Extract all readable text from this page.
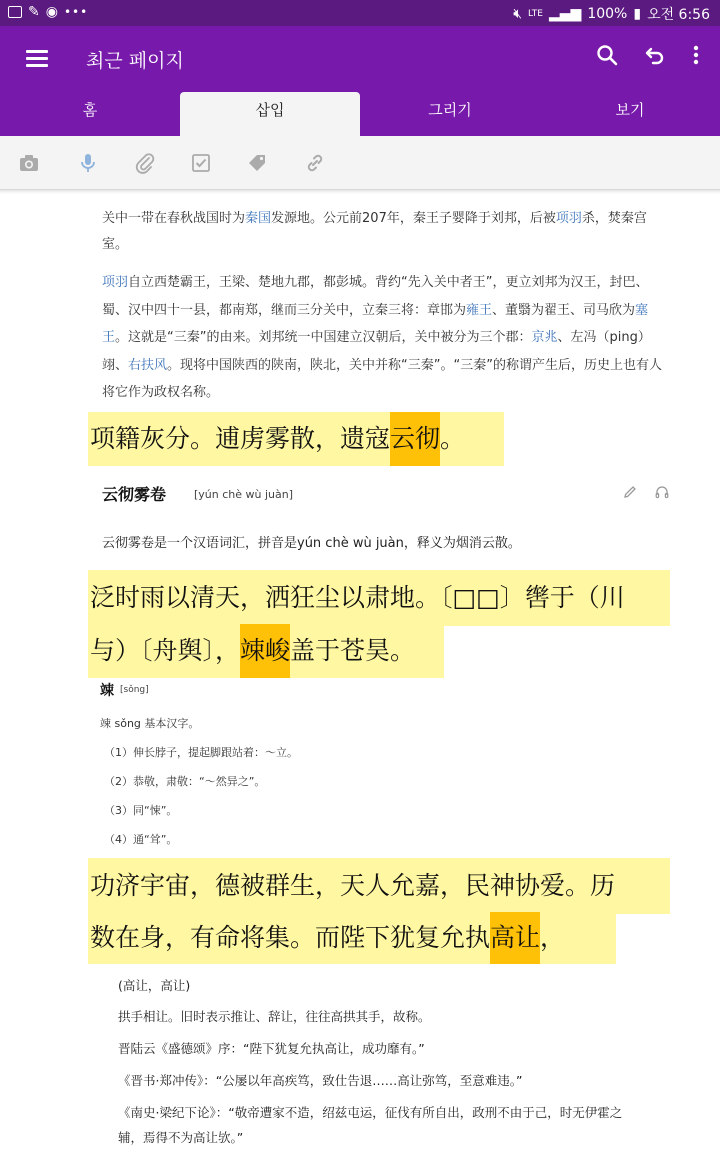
✎ ◉ •••	🔇︎ LTE ▂▄▆ 100% ▮ 오전 6:56
최근 페이지
홈	삽입	그리기	보기
关中一带在春秋战国时为秦国发源地。公元前207年，秦王子婴降于刘邦，后被项羽杀，焚秦宫室。
项羽自立西楚霸王，王梁、楚地九郡，都彭城。背约“先入关中者王”，更立刘邦为汉王，封巴、蜀、汉中四十一县，都南郑，继而三分关中，立秦三将：章邯为雍王、董翳为翟王、司马欣为塞王。这就是“三秦”的由来。刘邦统一中国建立汉朝后，关中被分为三个郡：京兆、左冯（ping）翊、右扶风。现将中国陕西的陕南，陕北，关中并称“三秦”。“三秦”的称谓产生后，历史上也有人将它作为政权名称。
项籍灰分。逋虏雾散，遗寇云彻。
云彻雾卷	[yún chè wù juàn]
云彻雾卷是一个汉语词汇，拼音是yún chè wù juàn，释义为烟消云散。
泛时雨以清天，洒狂尘以肃地。〔□□〕辔于（川
与）〔舟舆〕，竦峻盖于苍昊。
竦 [sǒng]
竦 sǒng 基本汉字。
（1）伸长脖子，提起脚跟站着：～立。
（2）恭敬，肃敬：“～然异之”。
（3）同“悚”。
（4）通“耸”。
功济宇宙，德被群生，天人允嘉，民神协爱。历
数在身，有命将集。而陛下犹复允执高让，
(高让，高让)
拱手相让。旧时表示推让、辞让，往往高拱其手，故称。
晋陆云《盛德颂》序：“陛下犹复允执高让，成功靡有。”
《晋书·郑冲传》：“公屡以年高疾笃，致仕告退……高让弥笃，至意难违。”
《南史·梁纪下论》：“敬帝遭家不造，绍兹屯运，征伐有所自出，政刑不由于己，时无伊霍之
辅，焉得不为高让欤。”
